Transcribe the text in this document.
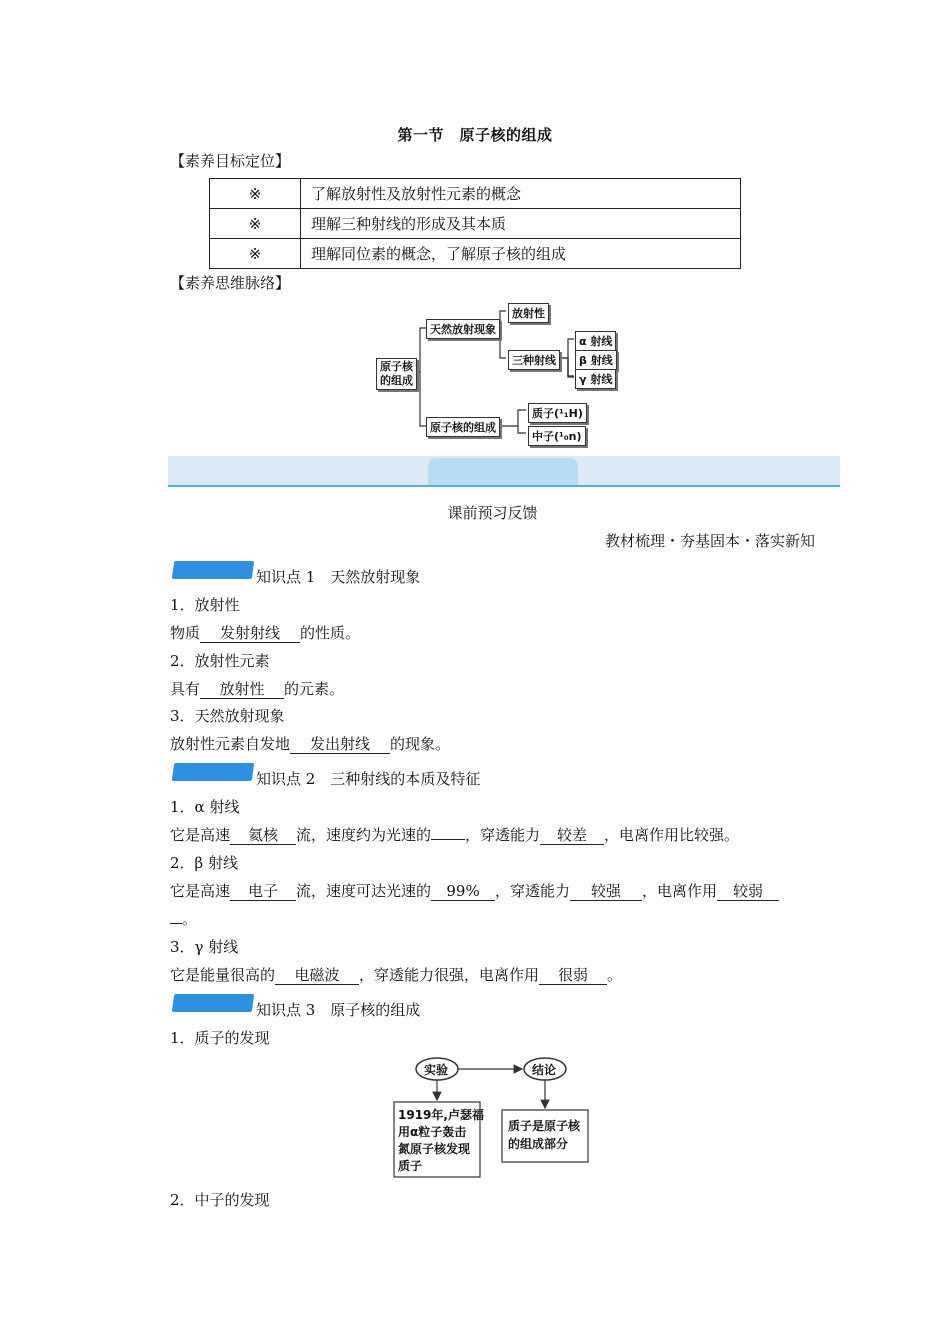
第一节　原子核的组成
【素养目标定位】
※	了解放射性及放射性元素的概念
※	理解三种射线的形成及其本质
※	理解同位素的概念，了解原子核的组成
【素养思维脉络】
原子核
的组成
天然放射现象
放射性
三种射线
α 射线
β 射线
γ 射线
原子核的组成
质子(¹₁H)
中子(¹₀n)
课前预习反馈
教材梳理・夯基固本・落实新知
知识点 1　天然放射现象
1．放射性
物质 发射射线 的性质。
2．放射性元素
具有 放射性 的元素。
3．天然放射现象
放射性元素自发地 发出射线 的现象。
知识点 2　三种射线的本质及特征
1．α 射线
它是高速 氦核 流，速度约为光速的 ，穿透能力 较差 ，电离作用比较强。
2．β 射线
它是高速 电子 流，速度可达光速的 99% ，穿透能力 较强 ，电离作用 较弱
。
3．γ 射线
它是能量很高的 电磁波 ，穿透能力很强，电离作用 很弱 。
知识点 3　原子核的组成
1．质子的发现
实验	结论
1919年,卢瑟福
用α粒子轰击
氮原子核发现
质子
质子是原子核
的组成部分
2．中子的发现
